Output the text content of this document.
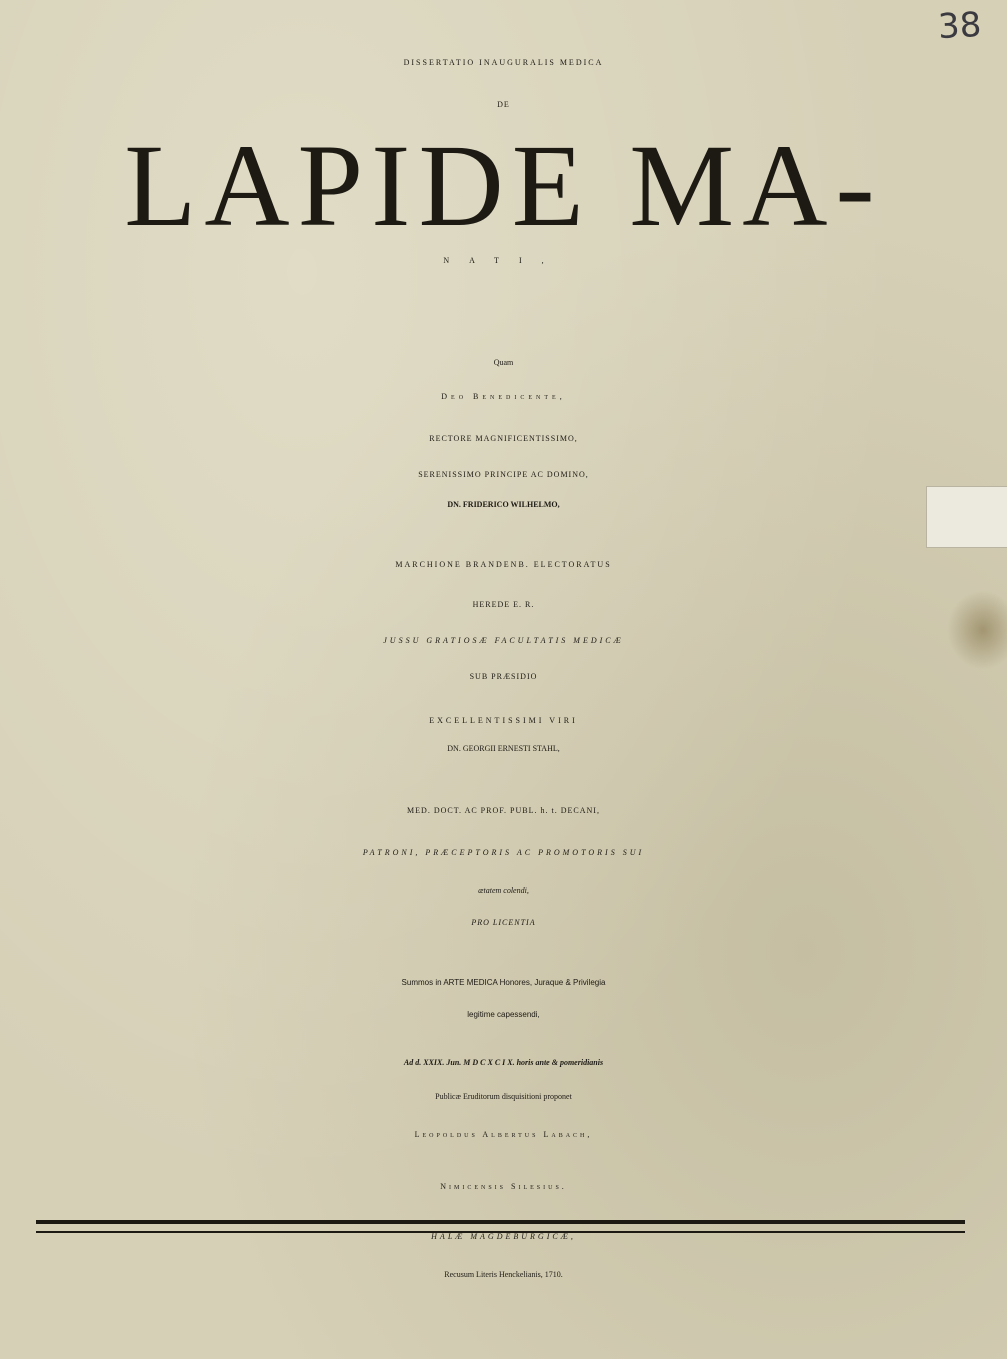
38
DISSERTATIO INAUGURALIS MEDICA
DE
LAPIDE MA-
NATI,
Quam
Deo Benedicente,
RECTORE MAGNIFICENTISSIMO,
SERENISSIMO PRINCIPE AC DOMINO,
DN. FRIDERICO WILHELMO,
MARCHIONE BRANDENB. ELECTORATUS
HEREDE E. R.
JUSSU GRATIOSÆ FACULTATIS MEDICÆ
SUB PRÆSIDIO
EXCELLENTISSIMI VIRI
DN. GEORGII ERNESTI STAHL,
MED. DOCT. AC PROF. PUBL. h. t. DECANI,
PATRONI, PRÆCEPTORIS AC PROMOTORIS SUI
ætatem colendi,
PRO LICENTIA
Summos in ARTE MEDICA Honores, Juraque & Privilegia
legitime capessendi,
Ad d. XXIX. Jun. M D C X C I X. horis ante & pomeridianis
Publicæ Eruditorum disquisitioni proponet
Leopoldus Albertus Labach,
Nimicensis Silesius.
HALÆ MAGDEBURGICÆ,
Recusum Literis Henckelianis, 1710.
